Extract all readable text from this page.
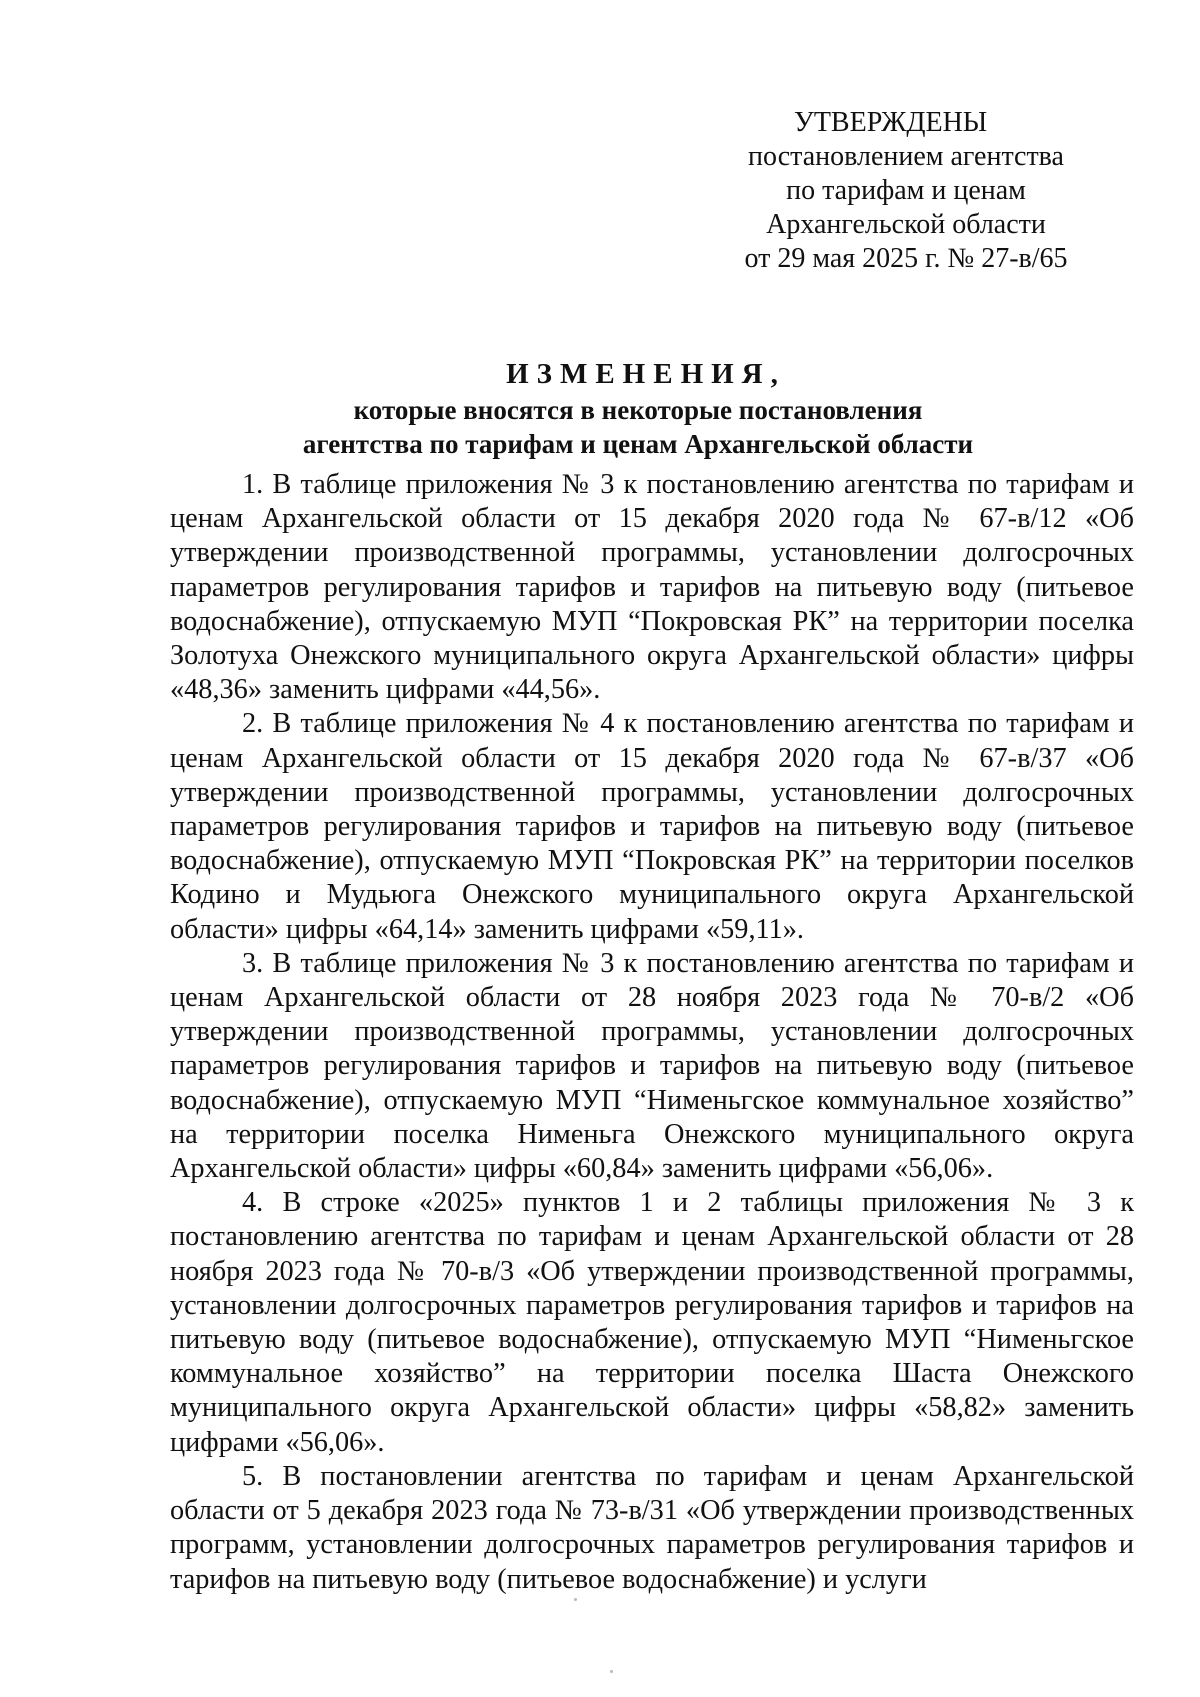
УТВЕРЖДЕНЫ
постановлением агентства
по тарифам и ценам
Архангельской области
от 29 мая 2025 г. № 27-в/65
ИЗМЕНЕНИЯ,
которые вносятся в некоторые постановления
агентства по тарифам и ценам Архангельской области

1. В таблице приложения № 3 к постановлению агентства по тарифам и ценам Архангельской области от 15 декабря 2020 года № 67-в/12 «Об утверждении производственной программы, установлении долгосрочных параметров регулирования тарифов и тарифов на питьевую воду (питьевое водоснабжение), отпускаемую МУП “Покровская РК” на территории поселка Золотуха Онежского муниципального округа Архангельской области» цифры «48,36» заменить цифрами «44,56».

2. В таблице приложения № 4 к постановлению агентства по тарифам и ценам Архангельской области от 15 декабря 2020 года № 67-в/37 «Об утверждении производственной программы, установлении долгосрочных параметров регулирования тарифов и тарифов на питьевую воду (питьевое водоснабжение), отпускаемую МУП “Покровская РК” на территории поселков Кодино и Мудьюга Онежского муниципального округа Архангельской области» цифры «64,14» заменить цифрами «59,11».

3. В таблице приложения № 3 к постановлению агентства по тарифам и ценам Архангельской области от 28 ноября 2023 года № 70-в/2 «Об утверждении производственной программы, установлении долгосрочных параметров регулирования тарифов и тарифов на питьевую воду (питьевое водоснабжение), отпускаемую МУП “Нименьгское коммунальное хозяйство” на территории поселка Нименьга Онежского муниципального округа Архангельской области» цифры «60,84» заменить цифрами «56,06».

4. В строке «2025» пунктов 1 и 2 таблицы приложения № 3 к постановлению агентства по тарифам и ценам Архангельской области от 28 ноября 2023 года № 70-в/3 «Об утверждении производственной программы, установлении долгосрочных параметров регулирования тарифов и тарифов на питьевую воду (питьевое водоснабжение), отпускаемую МУП “Нименьгское коммунальное хозяйство” на территории поселка Шаста Онежского муниципального округа Архангельской области» цифры «58,82» заменить цифрами «56,06».

5. В постановлении агентства по тарифам и ценам Архангельской области от 5 декабря 2023 года № 73-в/31 «Об утверждении производственных программ, установлении долгосрочных параметров регулирования тарифов и тарифов на питьевую воду (питьевое водоснабжение) и услуги
